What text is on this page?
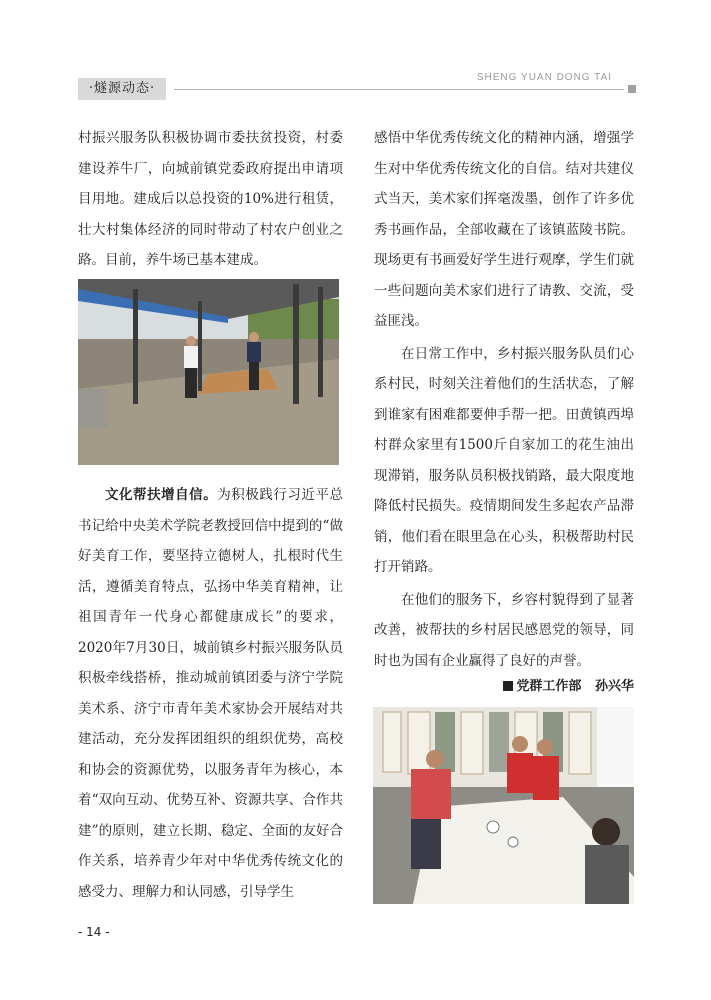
·燧源动态·
SHENG YUAN DONG TAI

村振兴服务队积极协调市委扶贫投资，村委建设养牛厂，向城前镇党委政府提出申请项目用地。建成后以总投资的10%进行租赁，壮大村集体经济的同时带动了村农户创业之路。目前，养牛场已基本建成。

文化帮扶增自信。为积极践行习近平总书记给中央美术学院老教授回信中提到的“做好美育工作，要坚持立德树人，扎根时代生活，遵循美育特点，弘扬中华美育精神，让祖国青年一代身心都健康成长”的要求，2020年7月30日，城前镇乡村振兴服务队员积极牵线搭桥，推动城前镇团委与济宁学院美术系、济宁市青年美术家协会开展结对共建活动，充分发挥团组织的组织优势，高校和协会的资源优势，以服务青年为核心，本着“双向互动、优势互补、资源共享、合作共建”的原则，建立长期、稳定、全面的友好合作关系，培养青少年对中华优秀传统文化的感受力、理解力和认同感，引导学生

感悟中华优秀传统文化的精神内涵，增强学生对中华优秀传统文化的自信。结对共建仪式当天，美术家们挥毫泼墨，创作了许多优秀书画作品，全部收藏在了该镇蓝陵书院。现场更有书画爱好学生进行观摩，学生们就一些问题向美术家们进行了请教、交流，受益匪浅。

在日常工作中，乡村振兴服务队员们心系村民，时刻关注着他们的生活状态，了解到谁家有困难都要伸手帮一把。田黄镇西埠村群众家里有1500斤自家加工的花生油出现滞销，服务队员积极找销路，最大限度地降低村民损失。疫情期间发生多起农产品滞销，他们看在眼里急在心头，积极帮助村民打开销路。

在他们的服务下，乡容村貌得到了显著改善，被帮扶的乡村居民感恩党的领导，同时也为国有企业赢得了良好的声誉。

党群工作部 孙兴华
- 14 -
